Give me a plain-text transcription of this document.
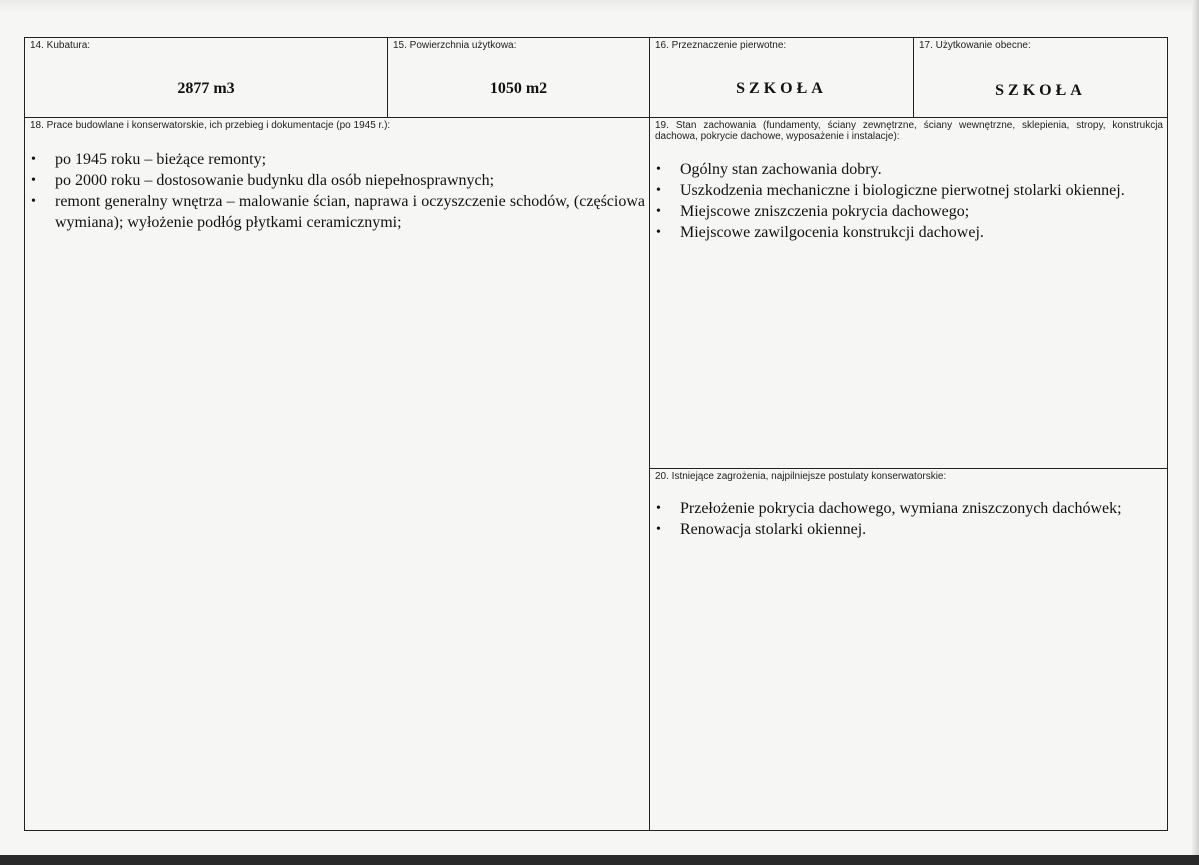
14. Kubatura:
2877 m3
15. Powierzchnia użytkowa:
1050 m2
16. Przeznaczenie pierwotne:
SZKOŁA
17. Użytkowanie obecne:
SZKOŁA
18. Prace budowlane i konserwatorskie, ich przebieg i dokumentacje (po 1945 r.):
• po 1945 roku – bieżące remonty;
• po 2000 roku – dostosowanie budynku dla osób niepełnosprawnych;
• remont generalny wnętrza – malowanie ścian, naprawa i oczyszczenie schodów, (częściowa wymiana); wyłożenie podłóg płytkami ceramicznymi;
19. Stan zachowania (fundamenty, ściany zewnętrzne, ściany wewnętrzne, sklepienia, stropy, konstrukcja dachowa, pokrycie dachowe, wyposażenie i instalacje):
• Ogólny stan zachowania dobry.
• Uszkodzenia mechaniczne i biologiczne pierwotnej stolarki okiennej.
• Miejscowe zniszczenia pokrycia dachowego;
• Miejscowe zawilgocenia konstrukcji dachowej.
20. Istniejące zagrożenia, najpilniejsze postulaty konserwatorskie:
• Przełożenie pokrycia dachowego, wymiana zniszczonych dachówek;
• Renowacja stolarki okiennej.
